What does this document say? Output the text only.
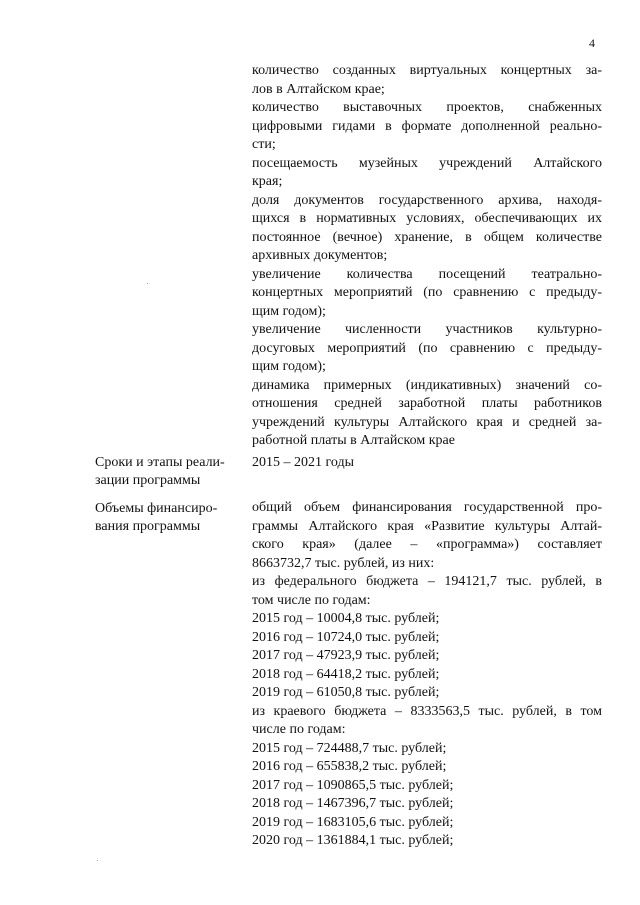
4
количество созданных виртуальных концертных за-
лов в Алтайском крае;
количество выставочных проектов, снабженных
цифровыми гидами в формате дополненной реально-
сти;
посещаемость музейных учреждений Алтайского
края;
доля документов государственного архива, находя-
щихся в нормативных условиях, обеспечивающих их
постоянное (вечное) хранение, в общем количестве
архивных документов;
увеличение количества посещений театрально-
концертных мероприятий (по сравнению с предыду-
щим годом);
увеличение численности участников культурно-
досуговых мероприятий (по сравнению с предыду-
щим годом);
динамика примерных (индикативных) значений со-
отношения средней заработной платы работников
учреждений культуры Алтайского края и средней за-
работной платы в Алтайском крае
Сроки и этапы реали-
зации программы
2015 – 2021 годы
Объемы финансиро-
вания программы
общий объем финансирования государственной про-
граммы Алтайского края «Развитие культуры Алтай-
ского края» (далее – «программа») составляет
8663732,7 тыс. рублей, из них:
из федерального бюджета – 194121,7 тыс. рублей, в
том числе по годам:
2015 год – 10004,8 тыс. рублей;
2016 год – 10724,0 тыс. рублей;
2017 год – 47923,9 тыс. рублей;
2018 год – 64418,2 тыс. рублей;
2019 год – 61050,8 тыс. рублей;
из краевого бюджета – 8333563,5 тыс. рублей, в том
числе по годам:
2015 год – 724488,7 тыс. рублей;
2016 год – 655838,2 тыс. рублей;
2017 год – 1090865,5 тыс. рублей;
2018 год – 1467396,7 тыс. рублей;
2019 год – 1683105,6 тыс. рублей;
2020 год – 1361884,1 тыс. рублей;
